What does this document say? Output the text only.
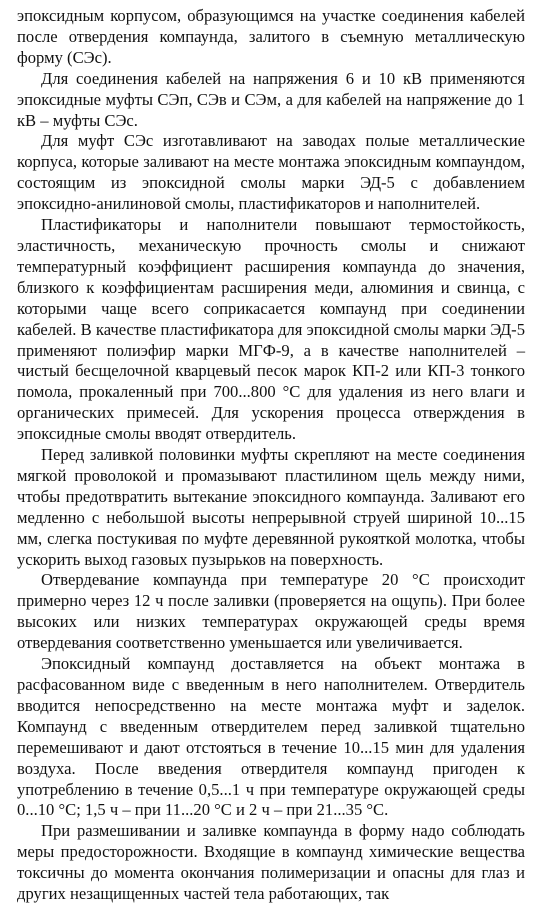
эпоксидным корпусом, образующимся на участке соединения кабелей после отвердения компаунда, залитого в съемную металлическую форму (СЭс).

Для соединения кабелей на напряжения 6 и 10 кВ применяются эпоксидные муфты СЭп, СЭв и СЭм, а для кабелей на напряжение до 1 кВ – муфты СЭс.

Для муфт СЭс изготавливают на заводах полые металлические корпуса, которые заливают на месте монтажа эпоксидным компаундом, состоящим из эпоксидной смолы марки ЭД-5 с добавлением эпоксидно-анилиновой смолы, пластификаторов и наполнителей.

Пластификаторы и наполнители повышают термостойкость, эластичность, механическую прочность смолы и снижают температурный коэффициент расширения компаунда до значения, близкого к коэффициентам расширения меди, алюминия и свинца, с которыми чаще всего соприкасается компаунд при соединении кабелей. В качестве пластификатора для эпоксидной смолы марки ЭД-5 применяют полиэфир марки МГФ-9, а в качестве наполнителей – чистый бесщелочной кварцевый песок марок КП-2 или КП-3 тонкого помола, прокаленный при 700...800 °С для удаления из него влаги и органических примесей. Для ускорения процесса отверждения в эпоксидные смолы вводят отвердитель.

Перед заливкой половинки муфты скрепляют на месте соединения мягкой проволокой и промазывают пластилином щель между ними, чтобы предотвратить вытекание эпоксидного компаунда. Заливают его медленно с небольшой высоты непрерывной струей шириной 10...15 мм, слегка постукивая по муфте деревянной рукояткой молотка, чтобы ускорить выход газовых пузырьков на поверхность.

Отвердевание компаунда при температуре 20 °С происходит примерно через 12 ч после заливки (проверяется на ощупь). При более высоких или низких температурах окружающей среды время отвердевания соответственно уменьшается или увеличивается.

Эпоксидный компаунд доставляется на объект монтажа в расфасованном виде с введенным в него наполнителем. Отвердитель вводится непосредственно на месте монтажа муфт и заделок. Компаунд с введенным отвердителем перед заливкой тщательно перемешивают и дают отстояться в течение 10...15 мин для удаления воздуха. После введения отвердителя компаунд пригоден к употреблению в течение 0,5...1 ч при температуре окружающей среды 0...10 °С; 1,5 ч – при 11...20 °С и 2 ч – при 21...35 °С.

При размешивании и заливке компаунда в форму надо соблюдать меры предосторожности. Входящие в компаунд химические вещества токсичны до момента окончания полимеризации и опасны для глаз и других незащищенных частей тела работающих, так
